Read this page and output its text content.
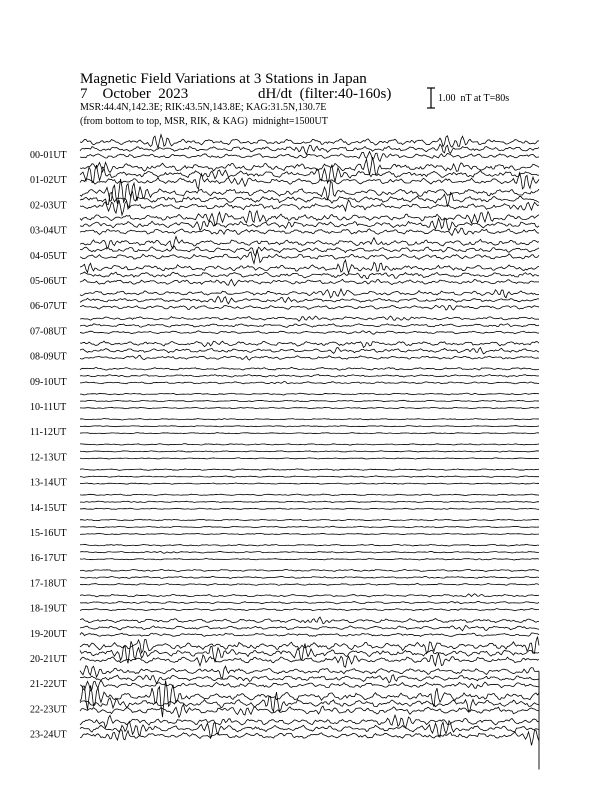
Magnetic Field Variations at 3 Stations in Japan
7    October  2023	dH/dt  (filter:40-160s)
MSR:44.4N,142.3E; RIK:43.5N,143.8E; KAG:31.5N,130.7E
(from bottom to top, MSR, RIK, & KAG)  midnight=1500UT
1.00  nT at T=80s
00-01UT
01-02UT
02-03UT
03-04UT
04-05UT
05-06UT
06-07UT
07-08UT
08-09UT
09-10UT
10-11UT
11-12UT
12-13UT
13-14UT
14-15UT
15-16UT
16-17UT
17-18UT
18-19UT
19-20UT
20-21UT
21-22UT
22-23UT
23-24UT
